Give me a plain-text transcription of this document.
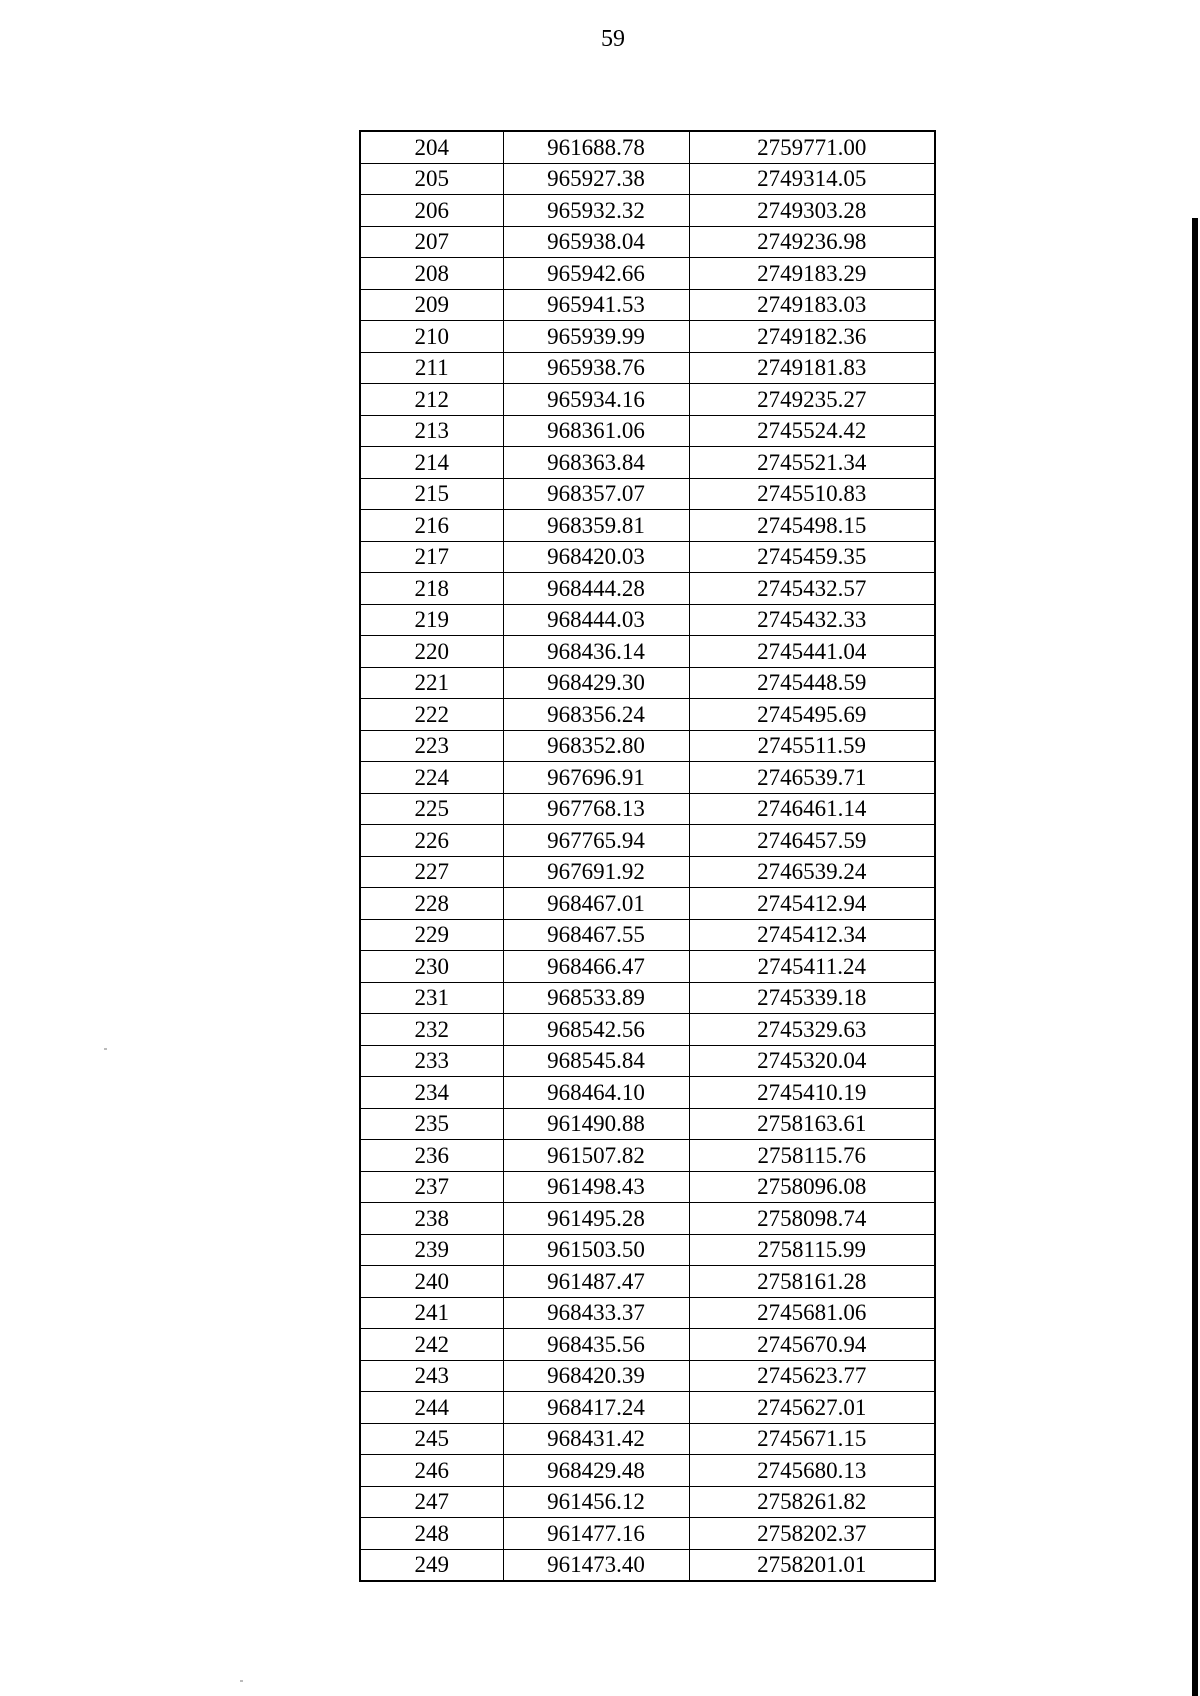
59
204	961688.78	2759771.00
205	965927.38	2749314.05
206	965932.32	2749303.28
207	965938.04	2749236.98
208	965942.66	2749183.29
209	965941.53	2749183.03
210	965939.99	2749182.36
211	965938.76	2749181.83
212	965934.16	2749235.27
213	968361.06	2745524.42
214	968363.84	2745521.34
215	968357.07	2745510.83
216	968359.81	2745498.15
217	968420.03	2745459.35
218	968444.28	2745432.57
219	968444.03	2745432.33
220	968436.14	2745441.04
221	968429.30	2745448.59
222	968356.24	2745495.69
223	968352.80	2745511.59
224	967696.91	2746539.71
225	967768.13	2746461.14
226	967765.94	2746457.59
227	967691.92	2746539.24
228	968467.01	2745412.94
229	968467.55	2745412.34
230	968466.47	2745411.24
231	968533.89	2745339.18
232	968542.56	2745329.63
233	968545.84	2745320.04
234	968464.10	2745410.19
235	961490.88	2758163.61
236	961507.82	2758115.76
237	961498.43	2758096.08
238	961495.28	2758098.74
239	961503.50	2758115.99
240	961487.47	2758161.28
241	968433.37	2745681.06
242	968435.56	2745670.94
243	968420.39	2745623.77
244	968417.24	2745627.01
245	968431.42	2745671.15
246	968429.48	2745680.13
247	961456.12	2758261.82
248	961477.16	2758202.37
249	961473.40	2758201.01
